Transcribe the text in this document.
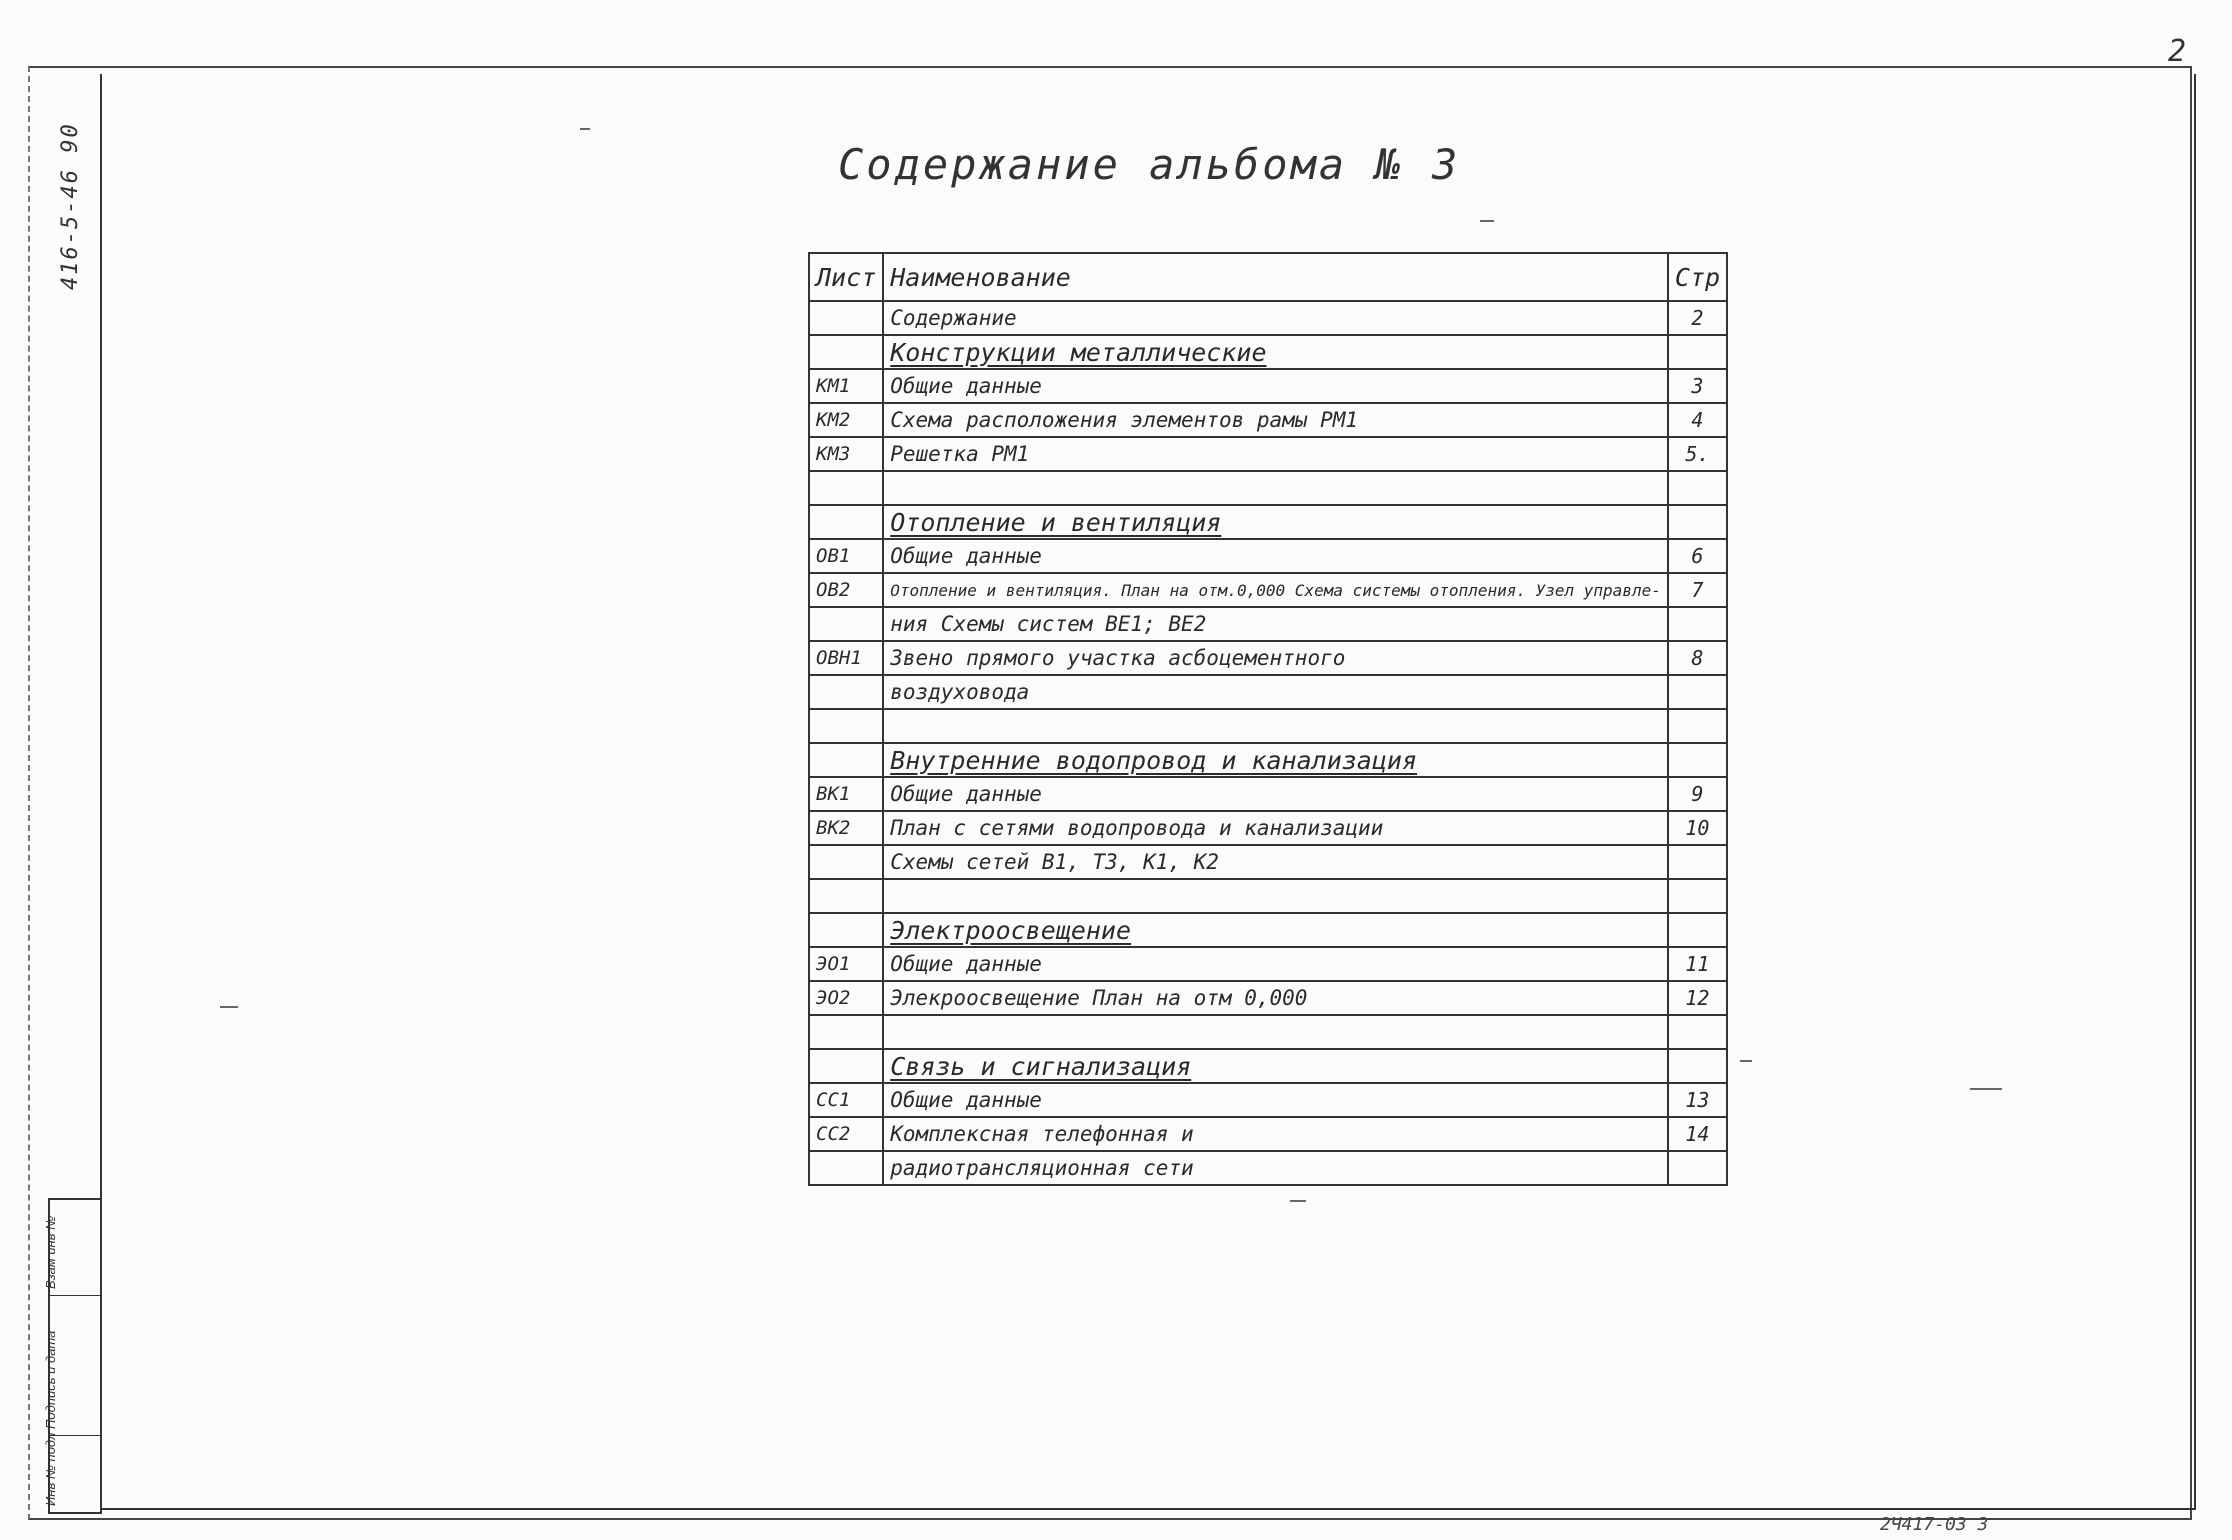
2
416-5-46 90
Взам инв №
Подпись и дата
Инв № подл
Содержание альбома № 3
Лист	Наименование	Стр
	Содержание	2
	Конструкции металлические	
КМ1	Общие данные	3
КМ2	Схема расположения элементов рамы РМ1	4
КМ3	Решетка РМ1	5.

	Отопление и вентиляция	
ОВ1	Общие данные	6
ОВ2	Отопление и вентиляция. План на отм.0,000 Схема системы отопления. Узел управле-	7
	ния Схемы систем ВЕ1; ВЕ2	
ОВН1	Звено прямого участка асбоцементного	8
	воздуховода	

	Внутренние водопровод и канализация	
ВК1	Общие данные	9
ВК2	План с сетями водопровода и канализации	10
	Схемы сетей В1, Т3, К1, К2	

	Электроосвещение	
ЭО1	Общие данные	11
ЭО2	Элекроосвещение План на отм 0,000	12

	Связь и сигнализация	
СС1	Общие данные	13
СС2	Комплексная телефонная и	14
	радиотрансляционная сети	
2Ч417-03 3
